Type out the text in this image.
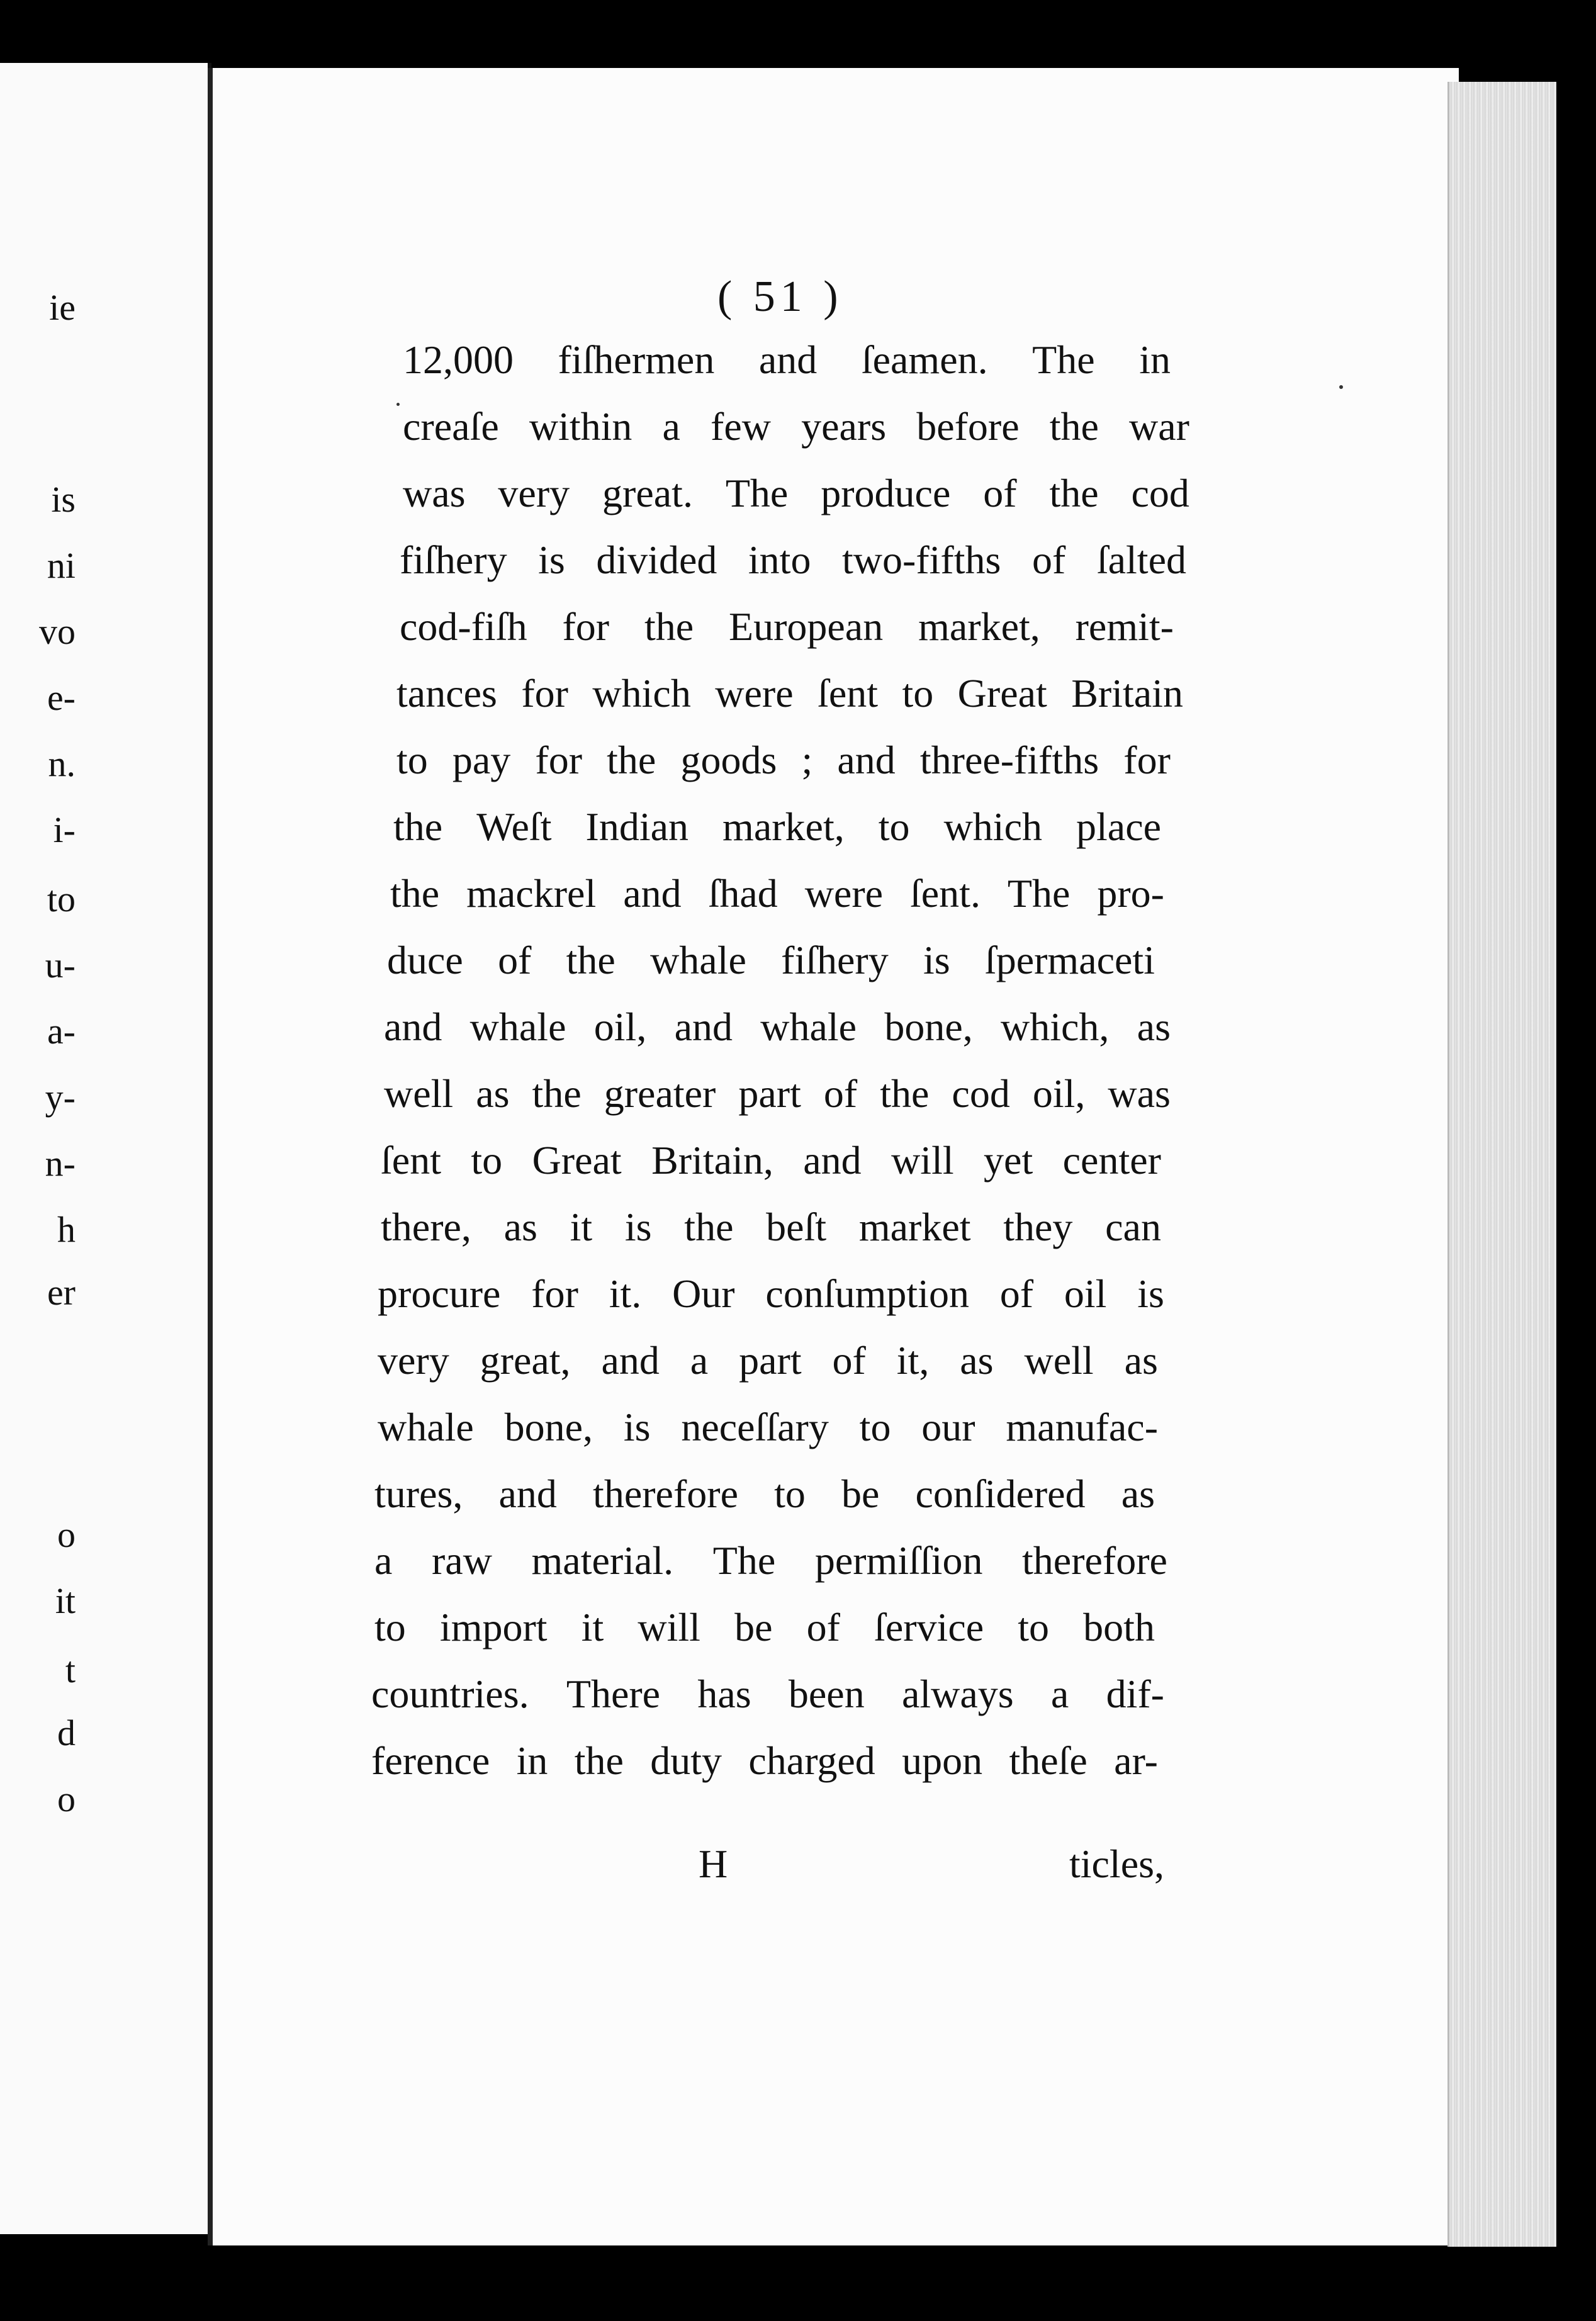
ie
is
ni
vo
e-
n.
i-
to
u-
a-
y-
n-
h
er
o
it
t
d
o
( 51 )
12,000 fiſhermen and ſeamen. The in
creaſe within a few years before the war
was very great. The produce of the cod
fiſhery is divided into two-fifths of ſalted
cod-fiſh for the European market, remit-
tances for which were ſent to Great Britain
to pay for the goods ; and three-fifths for
the Weſt Indian market, to which place
the mackrel and ſhad were ſent. The pro-
duce of the whale fiſhery is ſpermaceti
and whale oil, and whale bone, which, as
well as the greater part of the cod oil, was
ſent to Great Britain, and will yet center
there, as it is the beſt market they can
procure for it. Our conſumption of oil is
very great, and a part of it, as well as
whale bone, is neceſſary to our manufac-
tures, and therefore to be conſidered as
a raw material. The permiſſion therefore
to import it will be of ſervice to both
countries. There has been always a dif-
ference in the duty charged upon theſe ar-
H	ticles,
